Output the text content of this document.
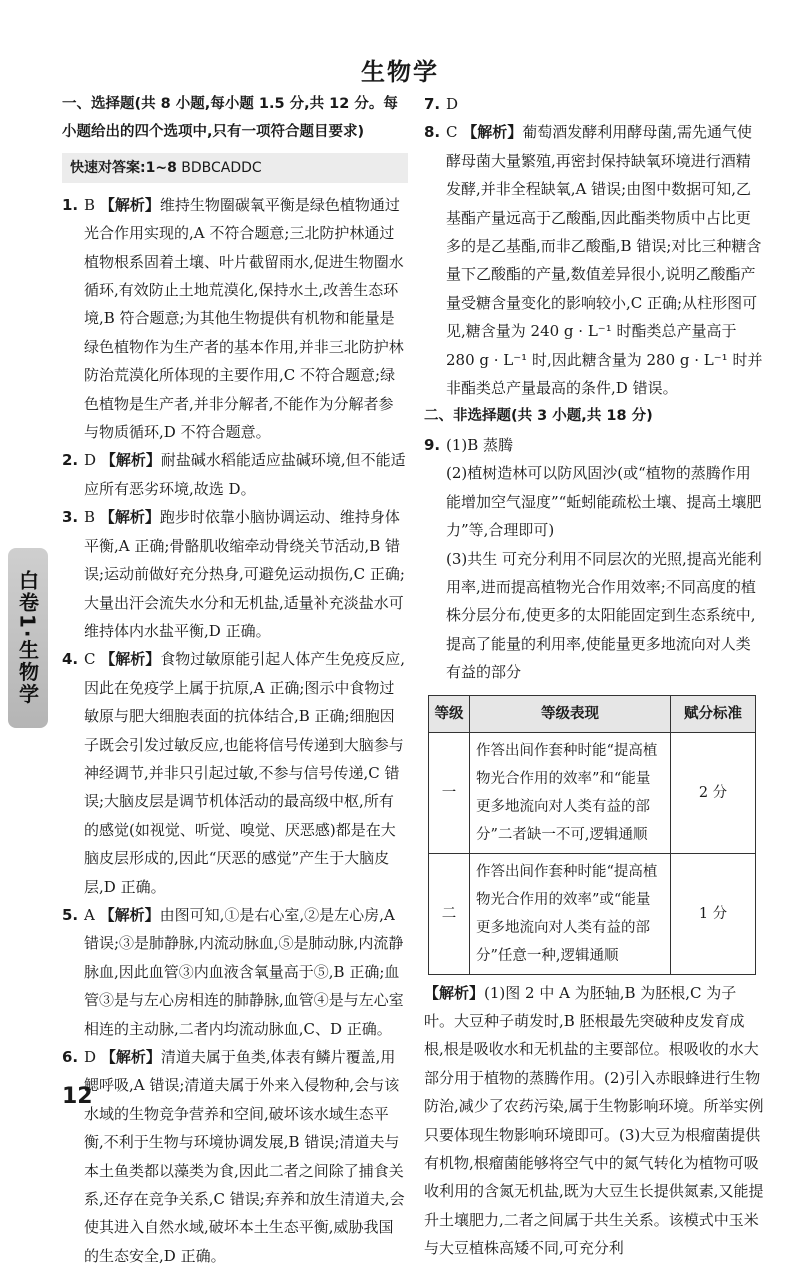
生物学
一、选择题(共 8 小题,每小题 1.5 分,共 12 分。每小题给出的四个选项中,只有一项符合题目要求)
快速对答案:1~8 BDBCADDC
1. B 【解析】维持生物圈碳氧平衡是绿色植物通过光合作用实现的,A 不符合题意;三北防护林通过植物根系固着土壤、叶片截留雨水,促进生物圈水循环,有效防止土地荒漠化,保持水土,改善生态环境,B 符合题意;为其他生物提供有机物和能量是绿色植物作为生产者的基本作用,并非三北防护林防治荒漠化所体现的主要作用,C 不符合题意;绿色植物是生产者,并非分解者,不能作为分解者参与物质循环,D 不符合题意。
2. D 【解析】耐盐碱水稻能适应盐碱环境,但不能适应所有恶劣环境,故选 D。
3. B 【解析】跑步时依靠小脑协调运动、维持身体平衡,A 正确;骨骼肌收缩牵动骨绕关节活动,B 错误;运动前做好充分热身,可避免运动损伤,C 正确;大量出汗会流失水分和无机盐,适量补充淡盐水可维持体内水盐平衡,D 正确。
4. C 【解析】食物过敏原能引起人体产生免疫反应,因此在免疫学上属于抗原,A 正确;图示中食物过敏原与肥大细胞表面的抗体结合,B 正确;细胞因子既会引发过敏反应,也能将信号传递到大脑参与神经调节,并非只引起过敏,不参与信号传递,C 错误;大脑皮层是调节机体活动的最高级中枢,所有的感觉(如视觉、听觉、嗅觉、厌恶感)都是在大脑皮层形成的,因此“厌恶的感觉”产生于大脑皮层,D 正确。
5. A 【解析】由图可知,①是右心室,②是左心房,A 错误;③是肺静脉,内流动脉血,⑤是肺动脉,内流静脉血,因此血管③内血液含氧量高于⑤,B 正确;血管③是与左心房相连的肺静脉,血管④是与左心室相连的主动脉,二者内均流动脉血,C、D 正确。
6. D 【解析】清道夫属于鱼类,体表有鳞片覆盖,用鳃呼吸,A 错误;清道夫属于外来入侵物种,会与该水域的生物竞争营养和空间,破坏该水域生态平衡,不利于生物与环境协调发展,B 错误;清道夫与本土鱼类都以藻类为食,因此二者之间除了捕食关系,还存在竞争关系,C 错误;弃养和放生清道夫,会使其进入自然水域,破坏本土生态平衡,威胁我国的生态安全,D 正确。
7. D
8. C 【解析】葡萄酒发酵利用酵母菌,需先通气使酵母菌大量繁殖,再密封保持缺氧环境进行酒精发酵,并非全程缺氧,A 错误;由图中数据可知,乙基酯产量远高于乙酸酯,因此酯类物质中占比更多的是乙基酯,而非乙酸酯,B 错误;对比三种糖含量下乙酸酯的产量,数值差异很小,说明乙酸酯产量受糖含量变化的影响较小,C 正确;从柱形图可见,糖含量为 240 g · L⁻¹ 时酯类总产量高于 280 g · L⁻¹ 时,因此糖含量为 280 g · L⁻¹ 时并非酯类总产量最高的条件,D 错误。
二、非选择题(共 3 小题,共 18 分)
9. (1)B 蒸腾
(2)植树造林可以防风固沙(或“植物的蒸腾作用能增加空气湿度”“蚯蚓能疏松土壤、提高土壤肥力”等,合理即可)
(3)共生 可充分利用不同层次的光照,提高光能利用率,进而提高植物光合作用效率;不同高度的植株分层分布,使更多的太阳能固定到生态系统中,提高了能量的利用率,使能量更多地流向对人类有益的部分
等级	等级表现	赋分标准
一	作答出间作套种时能“提高植物光合作用的效率”和“能量更多地流向对人类有益的部分”二者缺一不可,逻辑通顺	2 分
二	作答出间作套种时能“提高植物光合作用的效率”或“能量更多地流向对人类有益的部分”任意一种,逻辑通顺	1 分
【解析】(1)图 2 中 A 为胚轴,B 为胚根,C 为子叶。大豆种子萌发时,B 胚根最先突破种皮发育成根,根是吸收水和无机盐的主要部位。根吸收的水大部分用于植物的蒸腾作用。(2)引入赤眼蜂进行生物防治,减少了农药污染,属于生物影响环境。所举实例只要体现生物影响环境即可。(3)大豆为根瘤菌提供有机物,根瘤菌能够将空气中的氮气转化为植物可吸收利用的含氮无机盐,既为大豆生长提供氮素,又能提升土壤肥力,二者之间属于共生关系。该模式中玉米与大豆植株高矮不同,可充分利
白卷1·生物学
12
